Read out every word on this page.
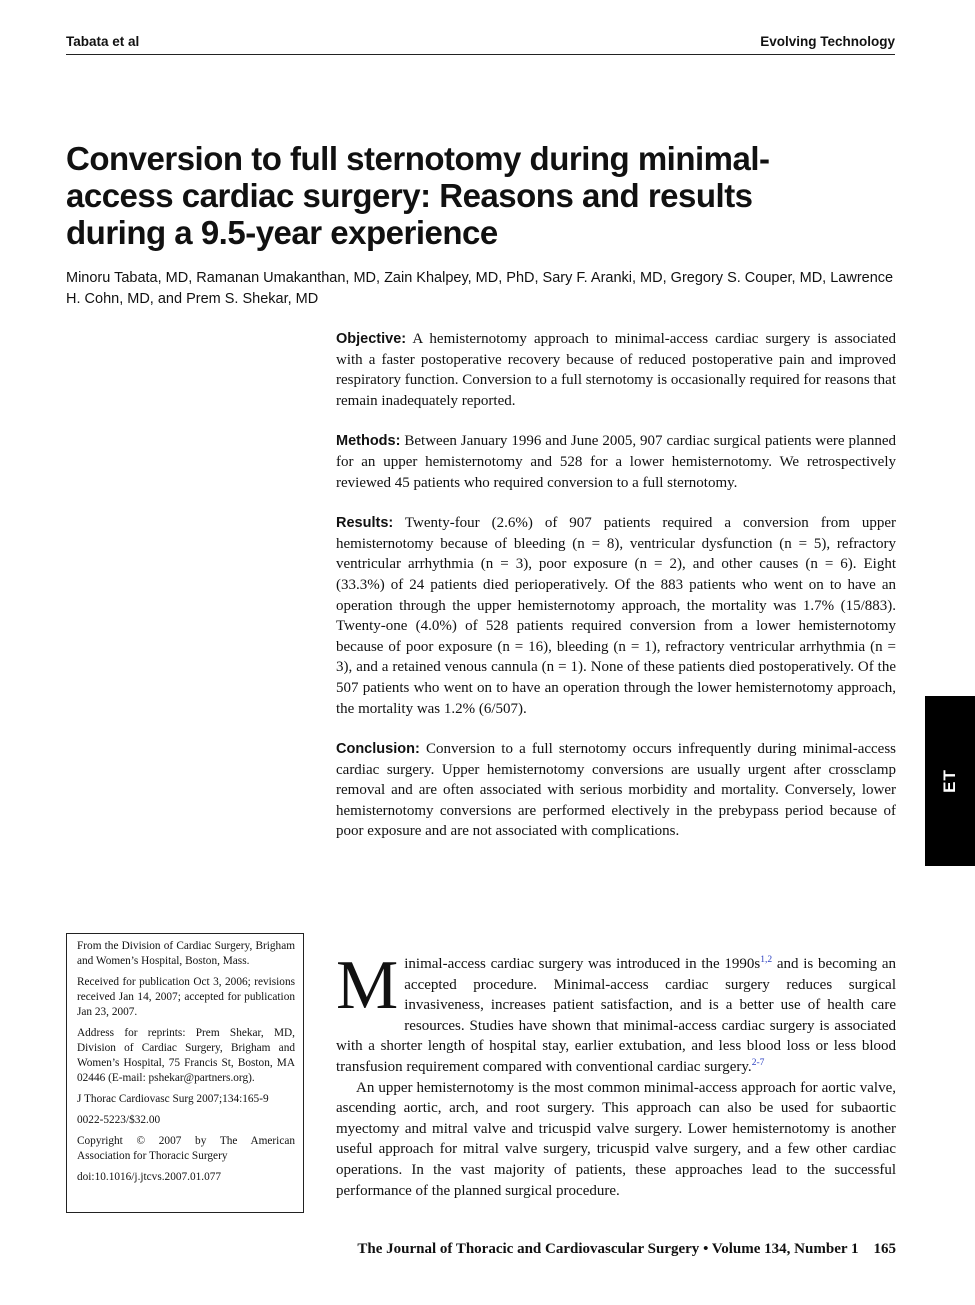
Tabata et al	Evolving Technology
Conversion to full sternotomy during minimal-access cardiac surgery: Reasons and results during a 9.5-year experience
Minoru Tabata, MD, Ramanan Umakanthan, MD, Zain Khalpey, MD, PhD, Sary F. Aranki, MD, Gregory S. Couper, MD, Lawrence H. Cohn, MD, and Prem S. Shekar, MD

Objective: A hemisternotomy approach to minimal-access cardiac surgery is associated with a faster postoperative recovery because of reduced postoperative pain and improved respiratory function. Conversion to a full sternotomy is occasionally required for reasons that remain inadequately reported.

Methods: Between January 1996 and June 2005, 907 cardiac surgical patients were planned for an upper hemisternotomy and 528 for a lower hemisternotomy. We retrospectively reviewed 45 patients who required conversion to a full sternotomy.

Results: Twenty-four (2.6%) of 907 patients required a conversion from upper hemisternotomy because of bleeding (n = 8), ventricular dysfunction (n = 5), refractory ventricular arrhythmia (n = 3), poor exposure (n = 2), and other causes (n = 6). Eight (33.3%) of 24 patients died perioperatively. Of the 883 patients who went on to have an operation through the upper hemisternotomy approach, the mortality was 1.7% (15/883). Twenty-one (4.0%) of 528 patients required conversion from a lower hemisternotomy because of poor exposure (n = 16), bleeding (n = 1), refractory ventricular arrhythmia (n = 3), and a retained venous cannula (n = 1). None of these patients died postoperatively. Of the 507 patients who went on to have an operation through the lower hemisternotomy approach, the mortality was 1.2% (6/507).

Conclusion: Conversion to a full sternotomy occurs infrequently during minimal-access cardiac surgery. Upper hemisternotomy conversions are usually urgent after crossclamp removal and are often associated with serious morbidity and mortality. Conversely, lower hemisternotomy conversions are performed electively in the prebypass period because of poor exposure and are not associated with complications.

ET

From the Division of Cardiac Surgery, Brigham and Women’s Hospital, Boston, Mass.

Received for publication Oct 3, 2006; revisions received Jan 14, 2007; accepted for publication Jan 23, 2007.

Address for reprints: Prem Shekar, MD, Division of Cardiac Surgery, Brigham and Women’s Hospital, 75 Francis St, Boston, MA 02446 (E-mail: pshekar@partners.org).

J Thorac Cardiovasc Surg 2007;134:165-9

0022-5223/$32.00

Copyright © 2007 by The American Association for Thoracic Surgery

doi:10.1016/j.jtcvs.2007.01.077

Minimal-access cardiac surgery was introduced in the 1990s$^{1,2}$ and is becoming an accepted procedure. Minimal-access cardiac surgery reduces surgical invasiveness, increases patient satisfaction, and is a better use of health care resources. Studies have shown that minimal-access cardiac surgery is associated with a shorter length of hospital stay, earlier extubation, and less blood loss or less blood transfusion requirement compared with conventional cardiac surgery.$^{2-7}$

An upper hemisternotomy is the most common minimal-access approach for aortic valve, ascending aortic, arch, and root surgery. This approach can also be used for subaortic myectomy and mitral valve and tricuspid valve surgery. Lower hemisternotomy is another useful approach for mitral valve surgery, tricuspid valve surgery, and a few other cardiac operations. In the vast majority of patients, these approaches lead to the successful performance of the planned surgical procedure.

The Journal of Thoracic and Cardiovascular Surgery • Volume 134, Number 1 165
